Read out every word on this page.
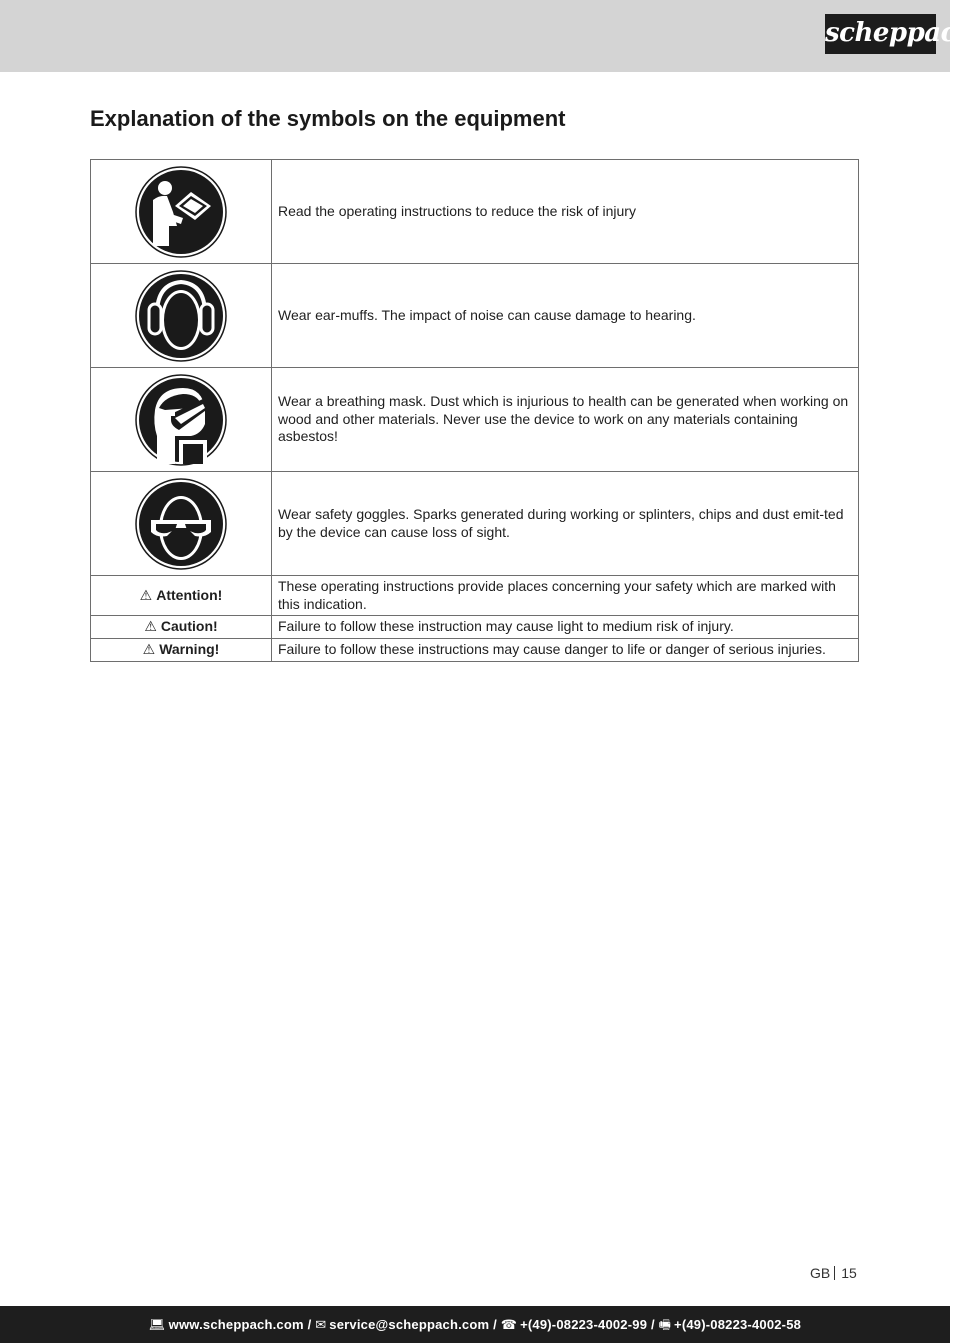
scheppach
Explanation of the symbols on the equipment
	Read the operating instructions to reduce the risk of injury

	Wear ear-muffs. The impact of noise can cause damage to hearing.

	Wear a breathing mask. Dust which is injurious to health can be generated when working on wood and other materials. Never use the device to work on any materials containing asbestos!

	Wear safety goggles. Sparks generated during working or splinters, chips and dust emit-ted by the device can cause loss of sight.
⚠ Attention!	These operating instructions provide places concerning your safety which are marked with this indication.
⚠ Caution!	Failure to follow these instruction may cause light to medium risk of injury.
⚠ Warning!	Failure to follow these instructions may cause danger to life or danger of serious injuries.
GB 15
💻︎ www.scheppach.com / ✉ service@scheppach.com / ☎ +(49)-08223-4002-99 / 🖷︎ +(49)-08223-4002-58
